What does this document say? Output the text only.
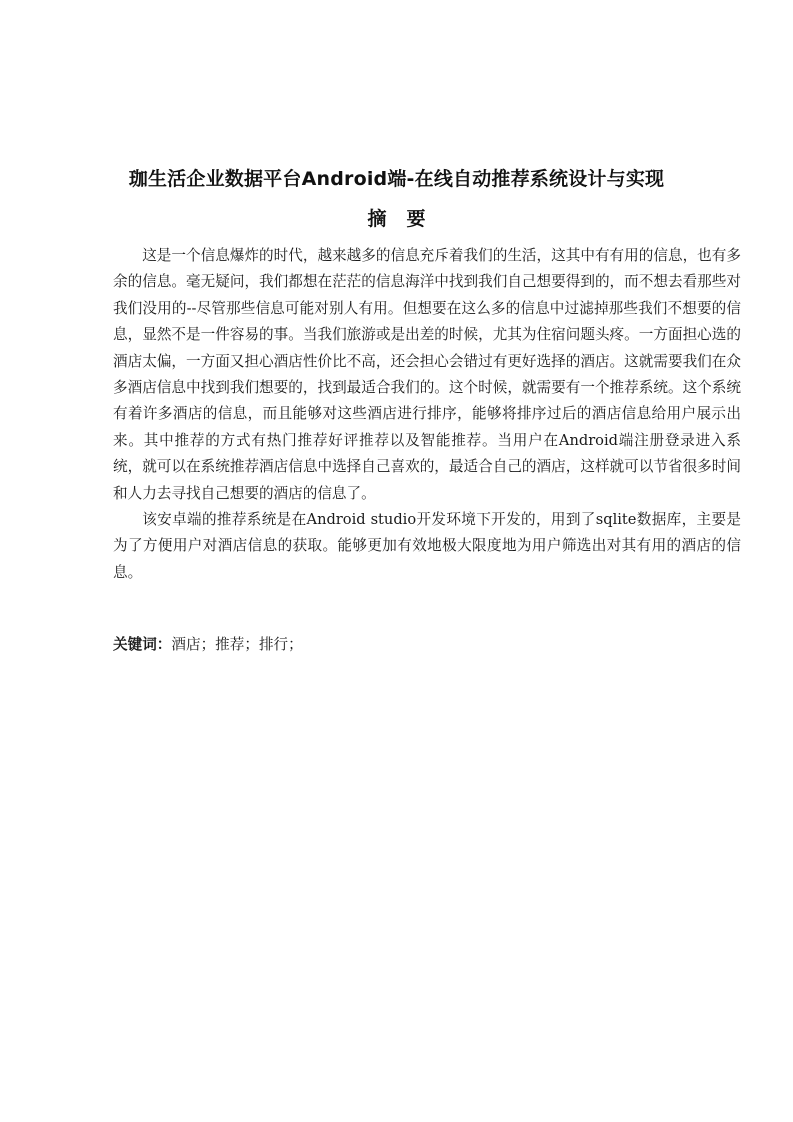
珈生活企业数据平台Android端-在线自动推荐系统设计与实现
摘要

这是一个信息爆炸的时代，越来越多的信息充斥着我们的生活，这其中有有用的信息，也有多余的信息。毫无疑问，我们都想在茫茫的信息海洋中找到我们自己想要得到的，而不想去看那些对我们没用的--尽管那些信息可能对别人有用。但想要在这么多的信息中过滤掉那些我们不想要的信息，显然不是一件容易的事。当我们旅游或是出差的时候，尤其为住宿问题头疼。一方面担心选的酒店太偏，一方面又担心酒店性价比不高，还会担心会错过有更好选择的酒店。这就需要我们在众多酒店信息中找到我们想要的，找到最适合我们的。这个时候，就需要有一个推荐系统。这个系统有着许多酒店的信息，而且能够对这些酒店进行排序，能够将排序过后的酒店信息给用户展示出来。其中推荐的方式有热门推荐好评推荐以及智能推荐。当用户在Android端注册登录进入系统，就可以在系统推荐酒店信息中选择自己喜欢的，最适合自己的酒店，这样就可以节省很多时间和人力去寻找自己想要的酒店的信息了。

该安卓端的推荐系统是在Android studio开发环境下开发的，用到了sqlite数据库，主要是为了方便用户对酒店信息的获取。能够更加有效地极大限度地为用户筛选出对其有用的酒店的信息。

关键词：酒店；推荐；排行；
